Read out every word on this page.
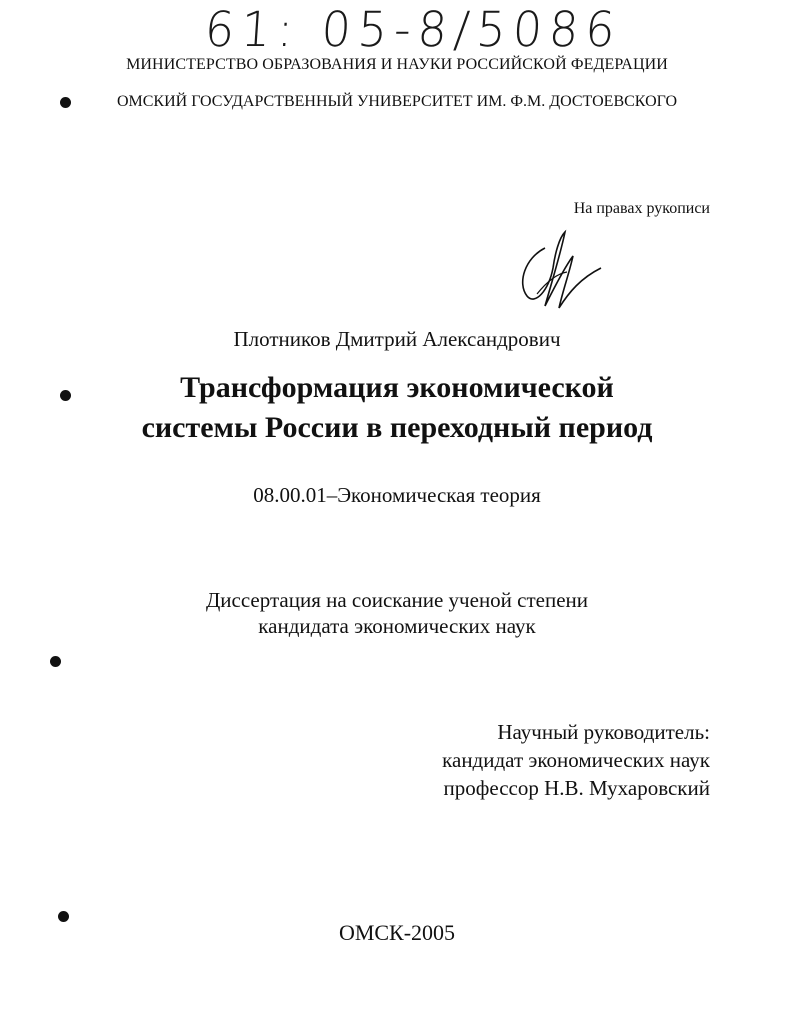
61: 05-8/5086
МИНИСТЕРСТВО ОБРАЗОВАНИЯ И НАУКИ РОССИЙСКОЙ ФЕДЕРАЦИИ
ОМСКИЙ ГОСУДАРСТВЕННЫЙ УНИВЕРСИТЕТ ИМ. Ф.М. ДОСТОЕВСКОГО
На правах рукописи
Плотников Дмитрий Александрович
Трансформация экономической
системы России в переходный период
08.00.01–Экономическая теория
Диссертация на соискание ученой степени
кандидата экономических наук
Научный руководитель:
кандидат экономических наук
профессор Н.В. Мухаровский
ОМСК-2005
